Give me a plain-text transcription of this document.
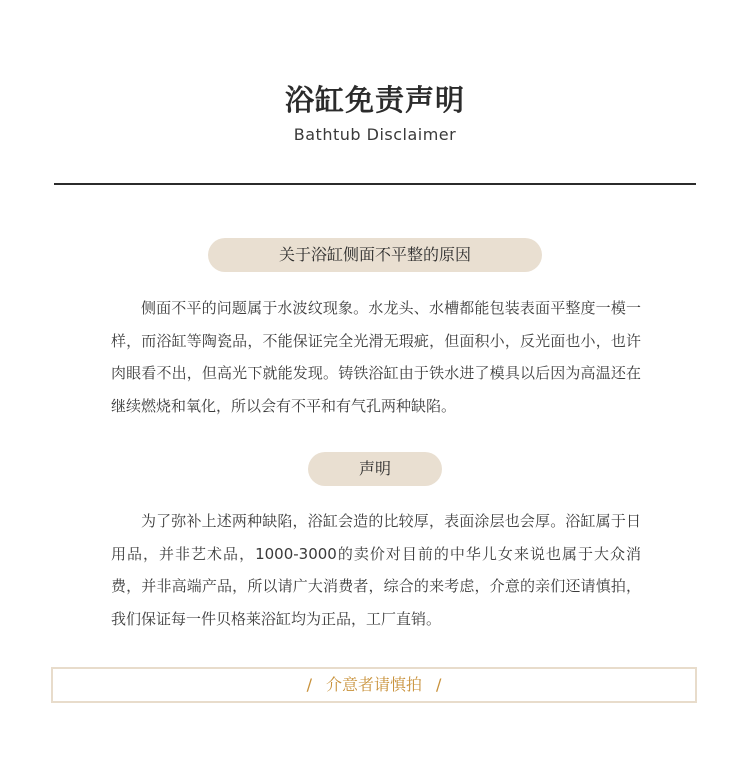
浴缸免责声明
Bathtub Disclaimer
关于浴缸侧面不平整的原因

侧面不平的问题属于水波纹现象。水龙头、水槽都能包装表面平整度一模一样，而浴缸等陶瓷品，不能保证完全光滑无瑕疵，但面积小，反光面也小，也许肉眼看不出，但高光下就能发现。铸铁浴缸由于铁水进了模具以后因为高温还在继续燃烧和氧化，所以会有不平和有气孔两种缺陷。

声明

为了弥补上述两种缺陷，浴缸会造的比较厚，表面涂层也会厚。浴缸属于日用品，并非艺术品，1000-3000的卖价对目前的中华儿女来说也属于大众消费，并非高端产品，所以请广大消费者，综合的来考虑，介意的亲们还请慎拍，我们保证每一件贝格莱浴缸均为正品，工厂直销。

/ 介意者请慎拍 /
